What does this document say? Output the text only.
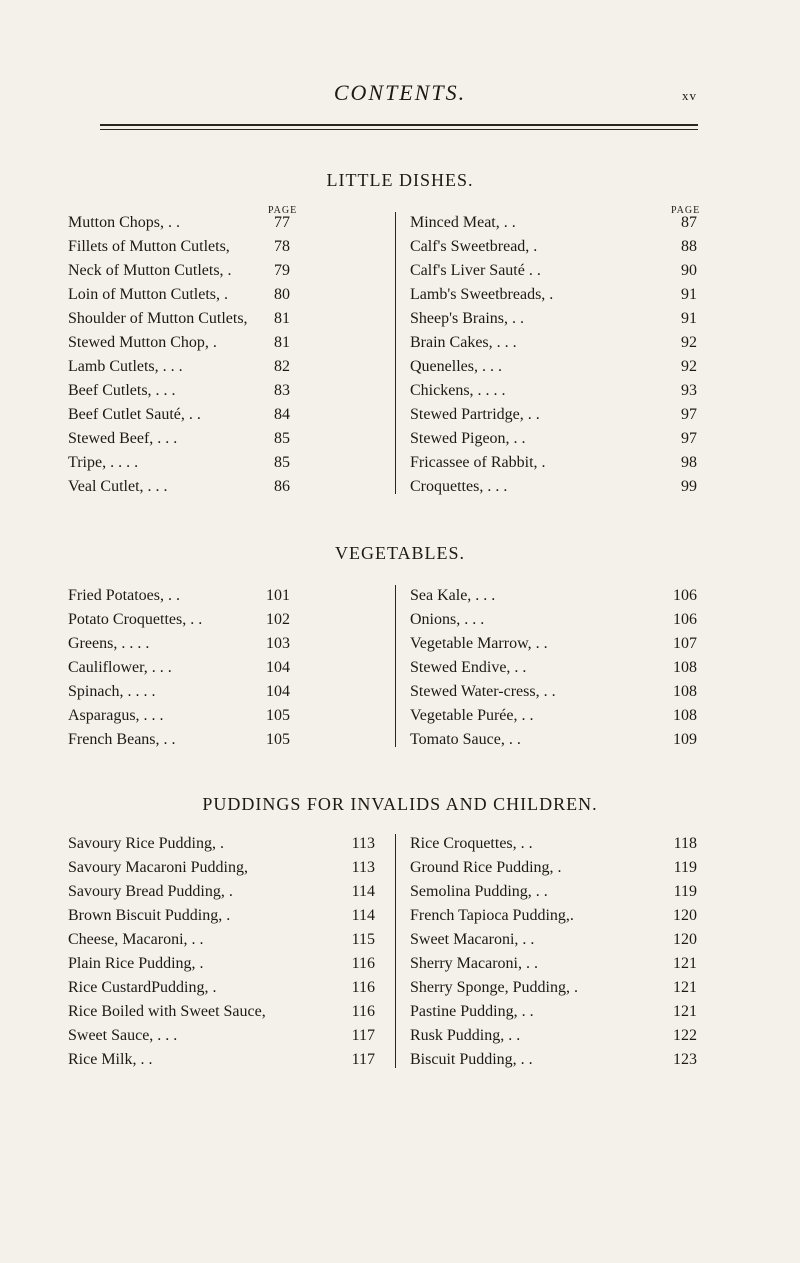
CONTENTS.	xv
LITTLE DISHES.
PAGE	PAGE
Mutton Chops, . .	77
Fillets of Mutton Cutlets,	78
Neck of Mutton Cutlets, .	79
Loin of Mutton Cutlets, .	80
Shoulder of Mutton Cutlets, 81
Stewed Mutton Chop, .	81
Lamb Cutlets, . . .	82
Beef Cutlets, . . .	83
Beef Cutlet Sauté, . .	84
Stewed Beef, . . .	85
Tripe, . . . .	85
Veal Cutlet, . . .	86
Minced Meat, . .	87
Calf's Sweetbread, .	88
Calf's Liver Sauté . .	90
Lamb's Sweetbreads, .	91
Sheep's Brains, . .	91
Brain Cakes, . . .	92
Quenelles, . . .	92
Chickens, . . . .	93
Stewed Partridge, . .	97
Stewed Pigeon, . .	97
Fricassee of Rabbit, .	98
Croquettes, . . .	99
VEGETABLES.
Fried Potatoes, . .	101
Potato Croquettes, . .	102
Greens, . . . .	103
Cauliflower, . . .	104
Spinach, . . . .	104
Asparagus, . . .	105
French Beans, . .	105
Sea Kale, . . .	106
Onions, . . .	106
Vegetable Marrow, . .	107
Stewed Endive, . .	108
Stewed Water-cress, . .	108
Vegetable Purée, . .	108
Tomato Sauce, . .	109
PUDDINGS FOR INVALIDS AND CHILDREN.
Savoury Rice Pudding, .	113
Savoury Macaroni Pudding,	113
Savoury Bread Pudding, .	114
Brown Biscuit Pudding, .	114
Cheese, Macaroni, . .	115
Plain Rice Pudding, .	116
Rice CustardPudding, .	116
Rice Boiled with Sweet Sauce,	116
Sweet Sauce, . . .	117
Rice Milk, . .	117
Rice Croquettes, . .	118
Ground Rice Pudding, .	119
Semolina Pudding, . .	119
French Tapioca Pudding,.	120
Sweet Macaroni, . .	120
Sherry Macaroni, . .	121
Sherry Sponge, Pudding, .	121
Pastine Pudding, . .	121
Rusk Pudding, . .	122
Biscuit Pudding, . .	123
